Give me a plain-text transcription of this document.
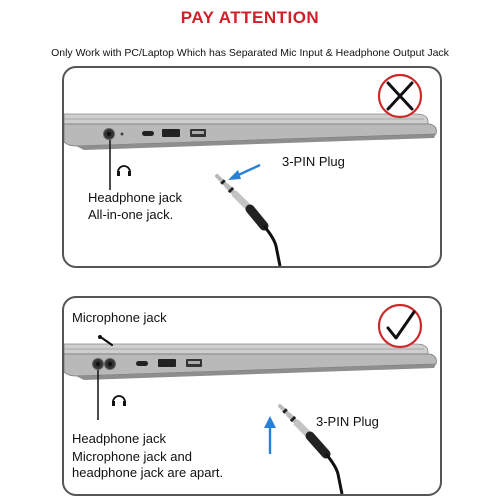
PAY ATTENTION
Only Work with PC/Laptop Which has Separated Mic Input & Headphone Output Jack
Headphone jack
All-in-one jack.
3-PIN Plug
Microphone jack
Headphone jack
Microphone jack and
headphone jack are apart.
3-PIN Plug
